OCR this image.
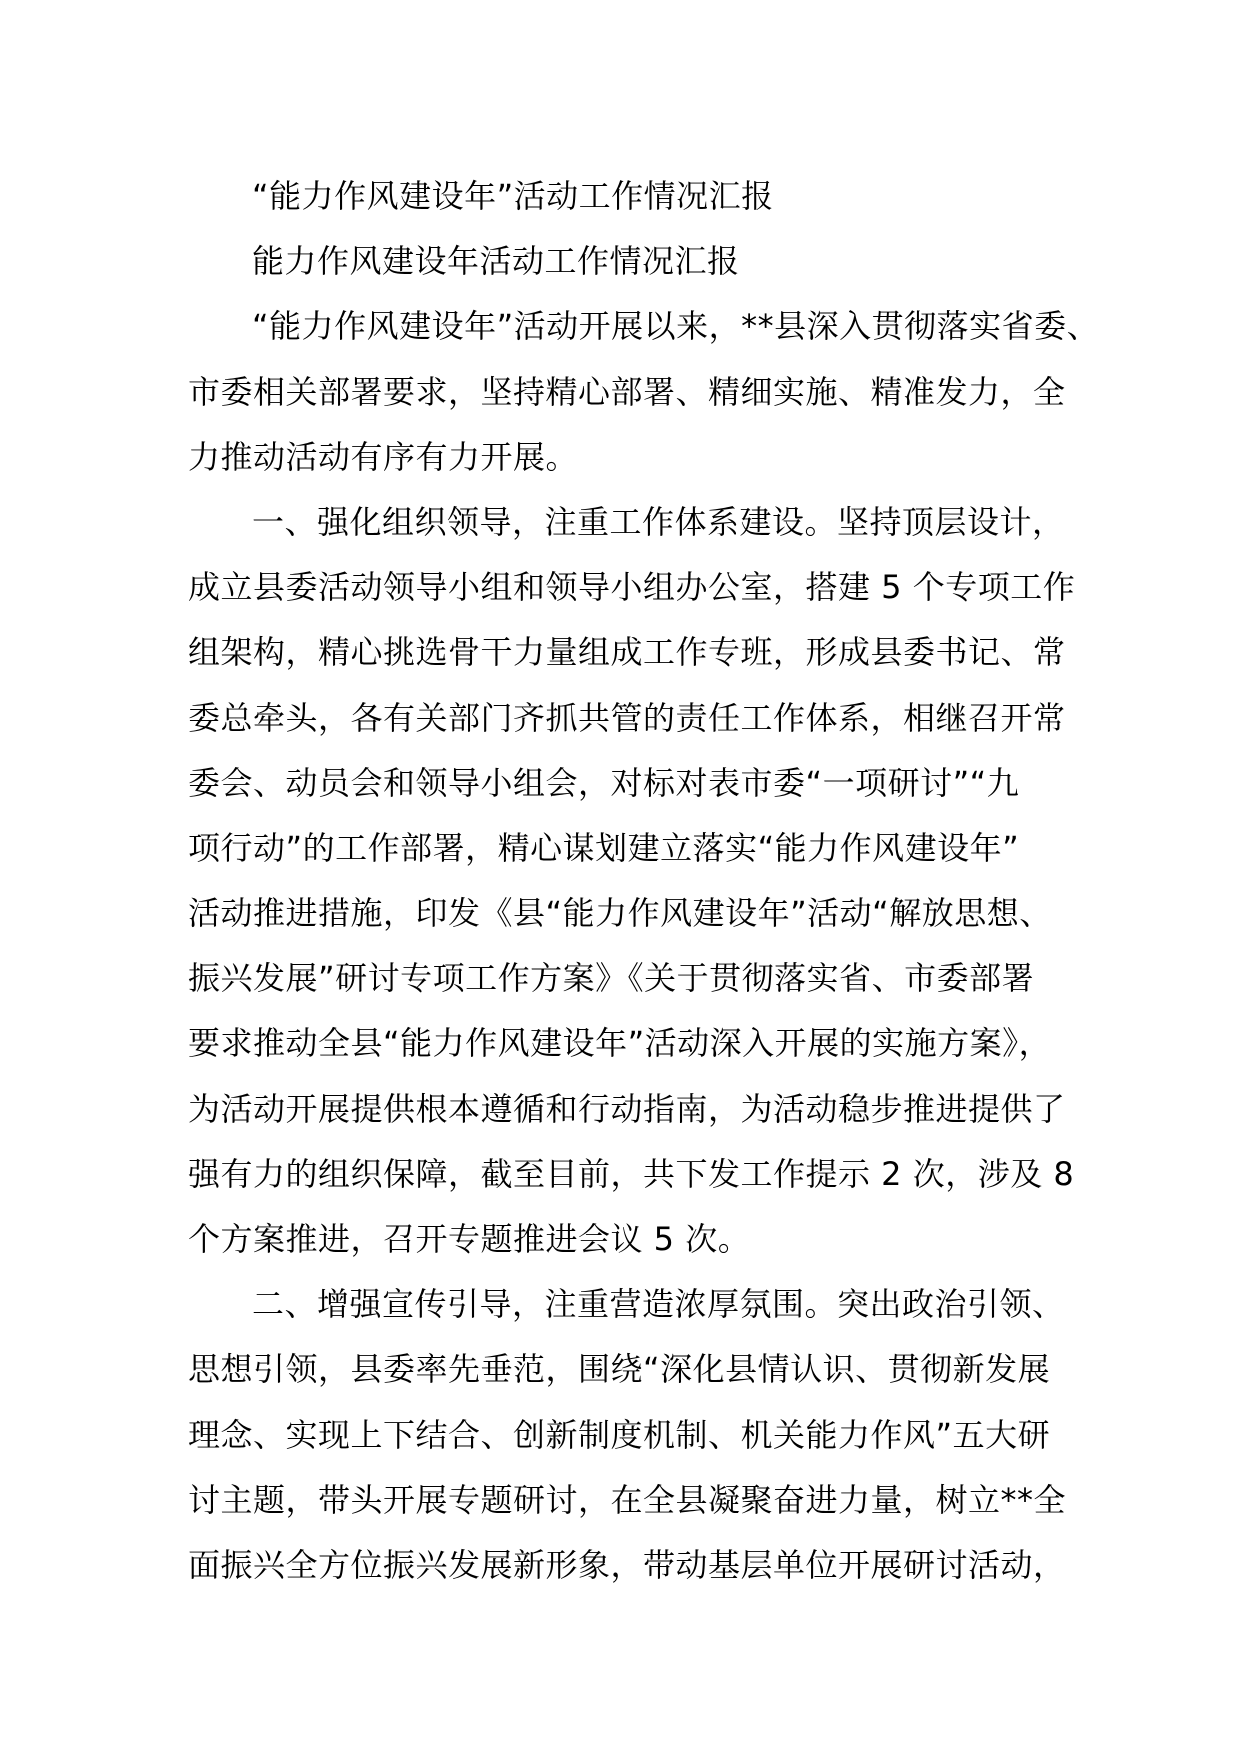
“能力作风建设年”活动工作情况汇报
能力作风建设年活动工作情况汇报
“能力作风建设年”活动开展以来，**县深入贯彻落实省委、
市委相关部署要求，坚持精心部署、精细实施、精准发力，全
力推动活动有序有力开展。
一、强化组织领导，注重工作体系建设。坚持顶层设计，
成立县委活动领导小组和领导小组办公室，搭建 5 个专项工作
组架构，精心挑选骨干力量组成工作专班，形成县委书记、常
委总牵头，各有关部门齐抓共管的责任工作体系，相继召开常
委会、动员会和领导小组会，对标对表市委“一项研讨”“九
项行动”的工作部署，精心谋划建立落实“能力作风建设年”
活动推进措施，印发《县“能力作风建设年”活动“解放思想、
振兴发展”研讨专项工作方案》《关于贯彻落实省、市委部署
要求推动全县“能力作风建设年”活动深入开展的实施方案》，
为活动开展提供根本遵循和行动指南，为活动稳步推进提供了
强有力的组织保障，截至目前，共下发工作提示 2 次，涉及 8
个方案推进，召开专题推进会议 5 次。
二、增强宣传引导，注重营造浓厚氛围。突出政治引领、
思想引领，县委率先垂范，围绕“深化县情认识、贯彻新发展
理念、实现上下结合、创新制度机制、机关能力作风”五大研
讨主题，带头开展专题研讨，在全县凝聚奋进力量，树立**全
面振兴全方位振兴发展新形象，带动基层单位开展研讨活动，
